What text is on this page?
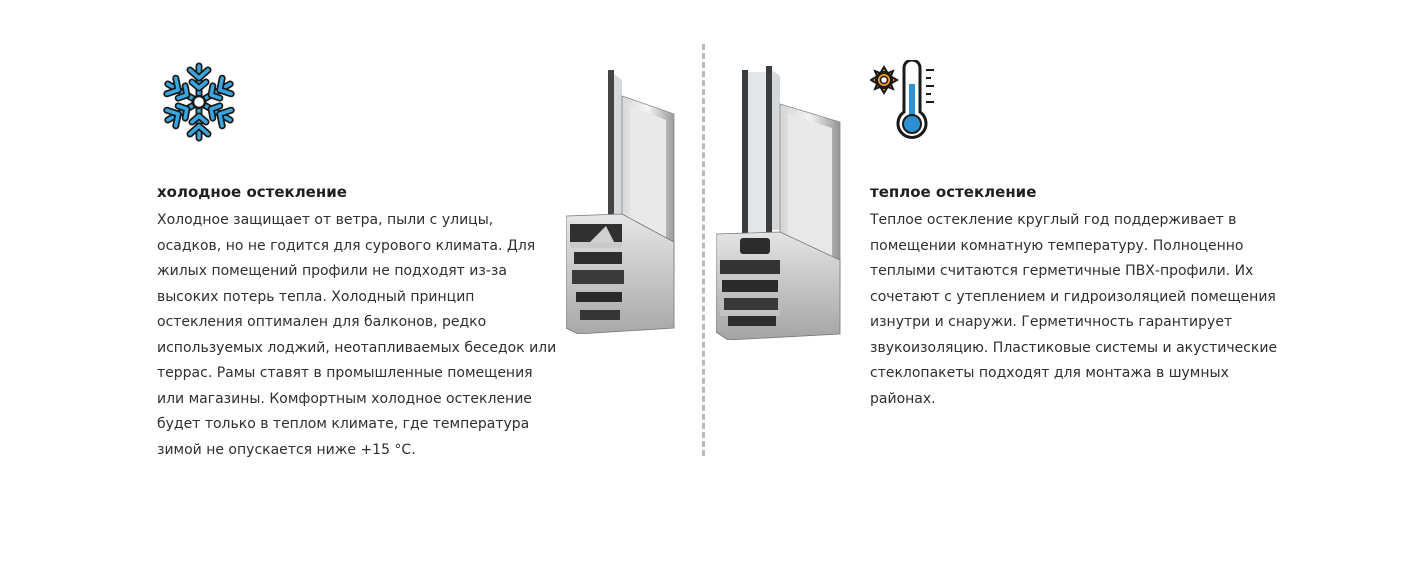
холодное остекление

Холодное защищает от ветра, пыли с улицы, осадков, но не годится для сурового климата. Для жилых помещений профили не подходят из-за высоких потерь тепла. Холодный принцип остекления оптимален для балконов, редко используемых лоджий, неотапливаемых беседок или террас. Рамы ставят в промышленные помещения или магазины. Комфортным холодное остекление будет только в теплом климате, где температура зимой не опускается ниже +15 °C.

теплое остекление

Теплое остекление круглый год поддерживает в помещении комнатную температуру. Полноценно теплыми считаются герметичные ПВХ-профили. Их сочетают с утеплением и гидроизоляцией помещения изнутри и снаружи. Герметичность гарантирует звукоизоляцию. Пластиковые системы и акустические стеклопакеты подходят для монтажа в шумных районах.
